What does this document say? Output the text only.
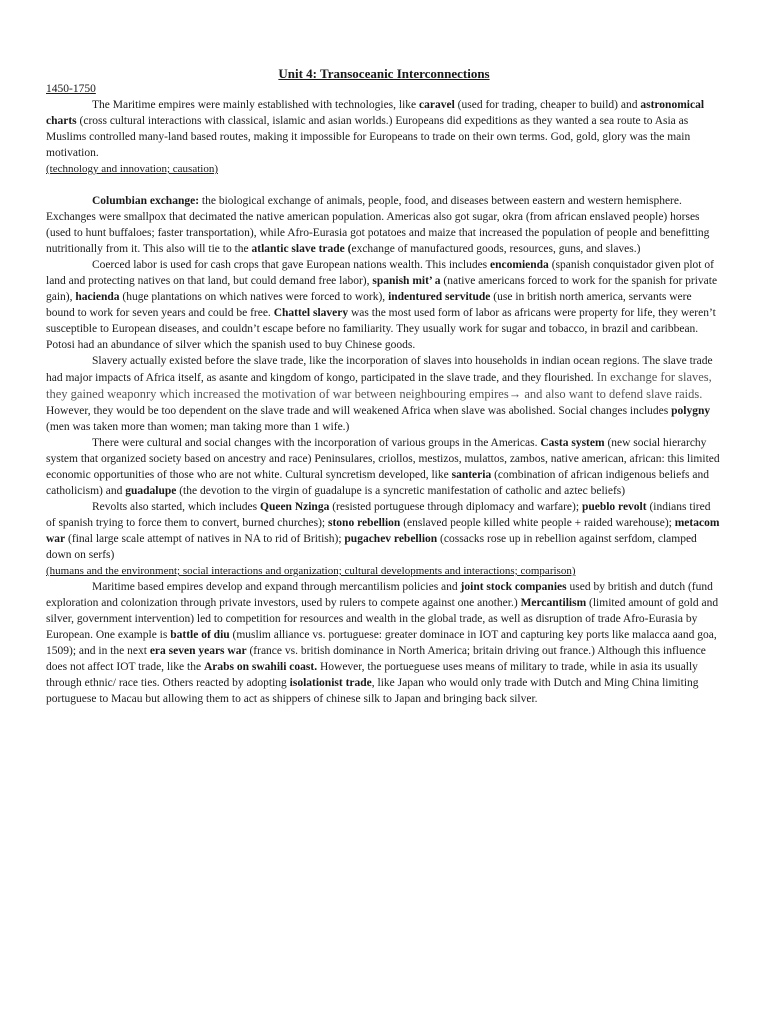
Unit 4: Transoceanic Interconnections
1450-1750
The Maritime empires were mainly established with technologies, like caravel (used for trading, cheaper to build) and astronomical charts (cross cultural interactions with classical, islamic and asian worlds.) Europeans did expeditions as they wanted a sea route to Asia as Muslims controlled many-land based routes, making it impossible for Europeans to trade on their own terms. God, gold, glory was the main motivation.
(technology and innovation; causation)
Columbian exchange: the biological exchange of animals, people, food, and diseases between eastern and western hemisphere. Exchanges were smallpox that decimated the native american population. Americas also got sugar, okra (from african enslaved people) horses (used to hunt buffaloes; faster transportation), while Afro-Eurasia got potatoes and maize that increased the population of people and benefitting nutritionally from it. This also will tie to the atlantic slave trade (exchange of manufactured goods, resources, guns, and slaves.)
Coerced labor is used for cash crops that gave European nations wealth. This includes encomienda (spanish conquistador given plot of land and protecting natives on that land, but could demand free labor), spanish mit’ a (native americans forced to work for the spanish for private gain), hacienda (huge plantations on which natives were forced to work), indentured servitude (use in british north america, servants were bound to work for seven years and could be free. Chattel slavery was the most used form of labor as africans were property for life, they weren’t susceptible to European diseases, and couldn’t escape before no familiarity. They usually work for sugar and tobacco, in brazil and caribbean. Potosi had an abundance of silver which the spanish used to buy Chinese goods.
Slavery actually existed before the slave trade, like the incorporation of slaves into households in indian ocean regions. The slave trade had major impacts of Africa itself, as asante and kingdom of kongo, participated in the slave trade, and they flourished. In exchange for slaves, they gained weaponry which increased the motivation of war between neighbouring empires→ and also want to defend slave raids. However, they would be too dependent on the slave trade and will weakened Africa when slave was abolished. Social changes includes polygny (men was taken more than women; man taking more than 1 wife.)
There were cultural and social changes with the incorporation of various groups in the Americas. Casta system (new social hierarchy system that organized society based on ancestry and race) Peninsulares, criollos, mestizos, mulattos, zambos, native american, african: this limited economic opportunities of those who are not white. Cultural syncretism developed, like santeria (combination of african indigenous beliefs and catholicism) and guadalupe (the devotion to the virgin of guadalupe is a syncretic manifestation of catholic and aztec beliefs)
Revolts also started, which includes Queen Nzinga (resisted portuguese through diplomacy and warfare); pueblo revolt (indians tired of spanish trying to force them to convert, burned churches); stono rebellion (enslaved people killed white people + raided warehouse); metacom war (final large scale attempt of natives in NA to rid of British); pugachev rebellion (cossacks rose up in rebellion against serfdom, clamped down on serfs)
(humans and the environment; social interactions and organization; cultural developments and interactions; comparison)
Maritime based empires develop and expand through mercantilism policies and joint stock companies used by british and dutch (fund exploration and colonization through private investors, used by rulers to compete against one another.) Mercantilism (limited amount of gold and silver, government intervention) led to competition for resources and wealth in the global trade, as well as disruption of trade Afro-Eurasia by European. One example is battle of diu (muslim alliance vs. portuguese: greater dominace in IOT and capturing key ports like malacca aand goa, 1509); and in the next era seven years war (france vs. british dominance in North America; britain driving out france.) Although this influence does not affect IOT trade, like the Arabs on swahili coast. However, the portueguese uses means of military to trade, while in asia its usually through ethnic/ race ties. Others reacted by adopting isolationist trade, like Japan who would only trade with Dutch and Ming China limiting portuguese to Macau but allowing them to act as shippers of chinese silk to Japan and bringing back silver.
